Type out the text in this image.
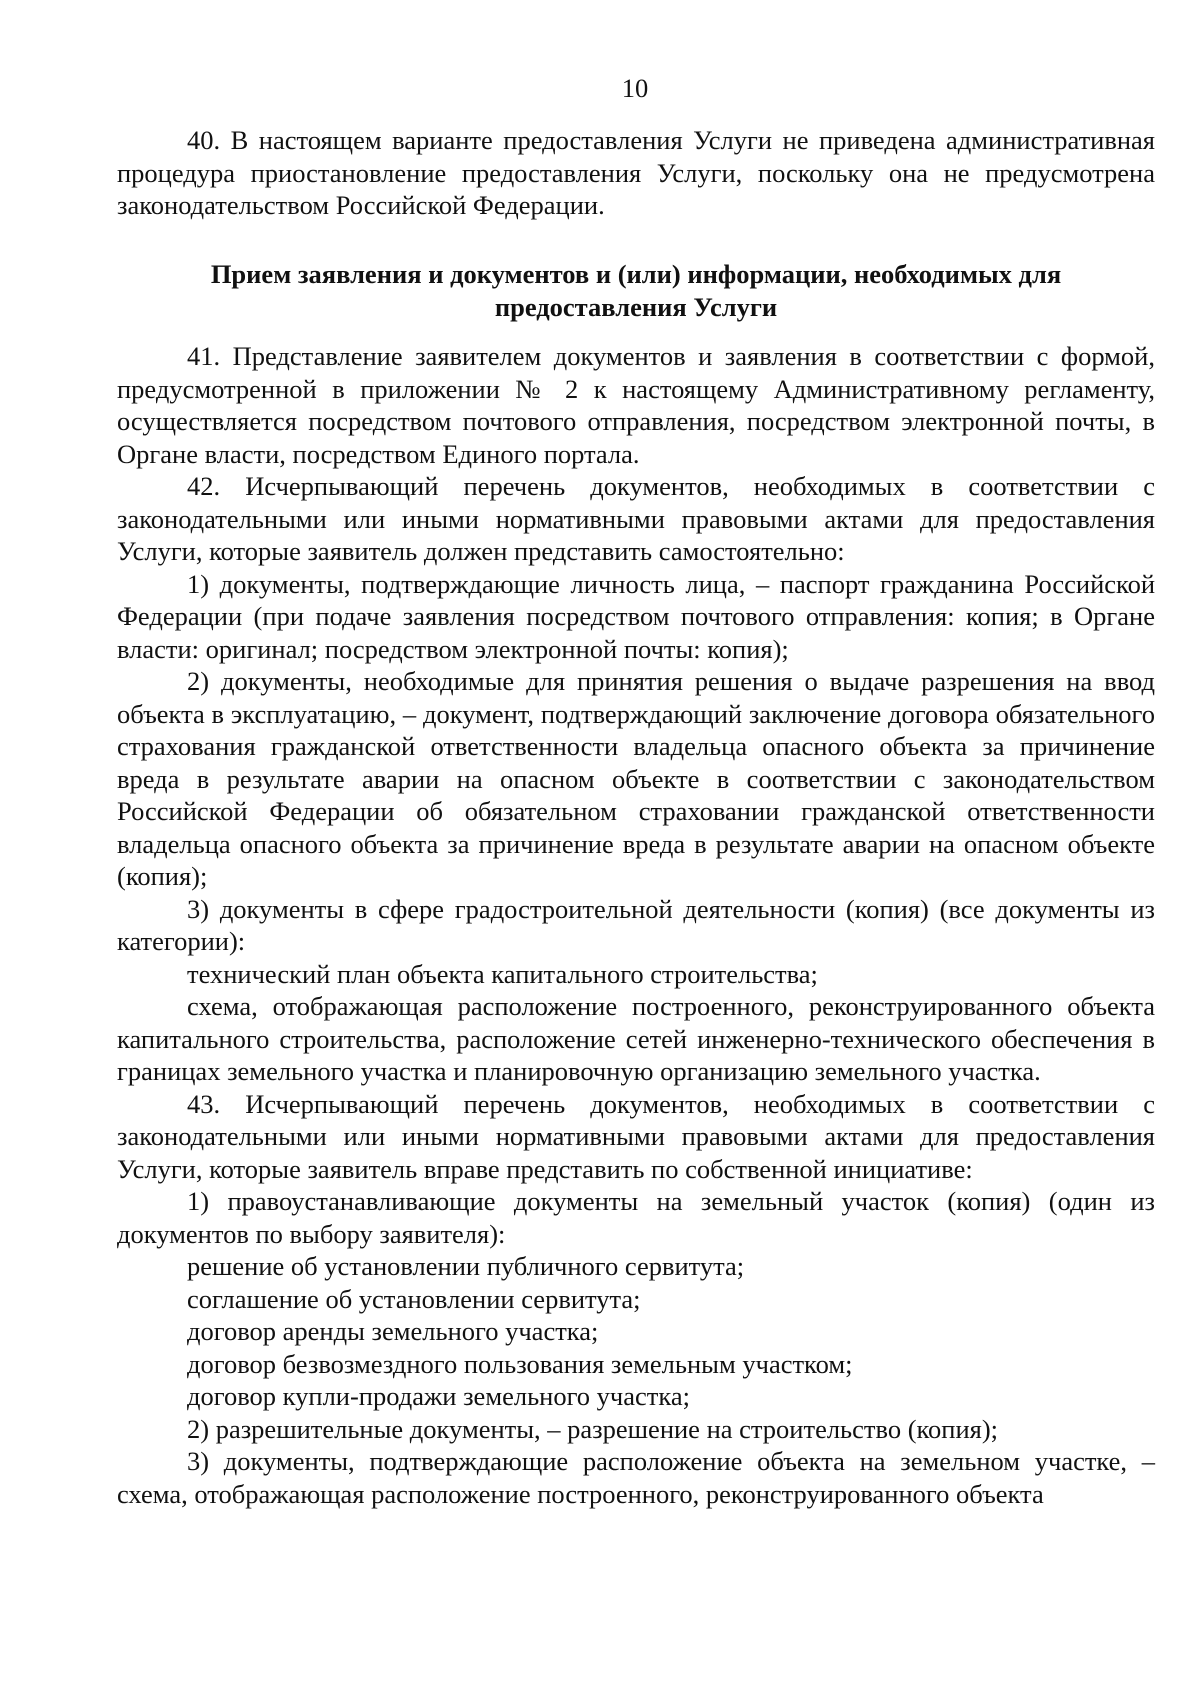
10

40. В настоящем варианте предоставления Услуги не приведена административная процедура приостановление предоставления Услуги, поскольку она не предусмотрена законодательством Российской Федерации.

Прием заявления и документов и (или) информации, необходимых для предоставления Услуги

41. Представление заявителем документов и заявления в соответствии с формой, предусмотренной в приложении № 2 к настоящему Административному регламенту, осуществляется посредством почтового отправления, посредством электронной почты, в Органе власти, посредством Единого портала.

42. Исчерпывающий перечень документов, необходимых в соответствии с законодательными или иными нормативными правовыми актами для предоставления Услуги, которые заявитель должен представить самостоятельно:

1) документы, подтверждающие личность лица, – паспорт гражданина Российской Федерации (при подаче заявления посредством почтового отправления: копия; в Органе власти: оригинал; посредством электронной почты: копия);

2) документы, необходимые для принятия решения о выдаче разрешения на ввод объекта в эксплуатацию, – документ, подтверждающий заключение договора обязательного страхования гражданской ответственности владельца опасного объекта за причинение вреда в результате аварии на опасном объекте в соответствии с законодательством Российской Федерации об обязательном страховании гражданской ответственности владельца опасного объекта за причинение вреда в результате аварии на опасном объекте (копия);

3) документы в сфере градостроительной деятельности (копия) (все документы из категории):

технический план объекта капитального строительства;

схема, отображающая расположение построенного, реконструированного объекта капитального строительства, расположение сетей инженерно-технического обеспечения в границах земельного участка и планировочную организацию земельного участка.

43. Исчерпывающий перечень документов, необходимых в соответствии с законодательными или иными нормативными правовыми актами для предоставления Услуги, которые заявитель вправе представить по собственной инициативе:

1) правоустанавливающие документы на земельный участок (копия) (один из документов по выбору заявителя):

решение об установлении публичного сервитута;

соглашение об установлении сервитута;

договор аренды земельного участка;

договор безвозмездного пользования земельным участком;

договор купли-продажи земельного участка;

2) разрешительные документы, – разрешение на строительство (копия);

3) документы, подтверждающие расположение объекта на земельном участке, – схема, отображающая расположение построенного, реконструированного объекта
